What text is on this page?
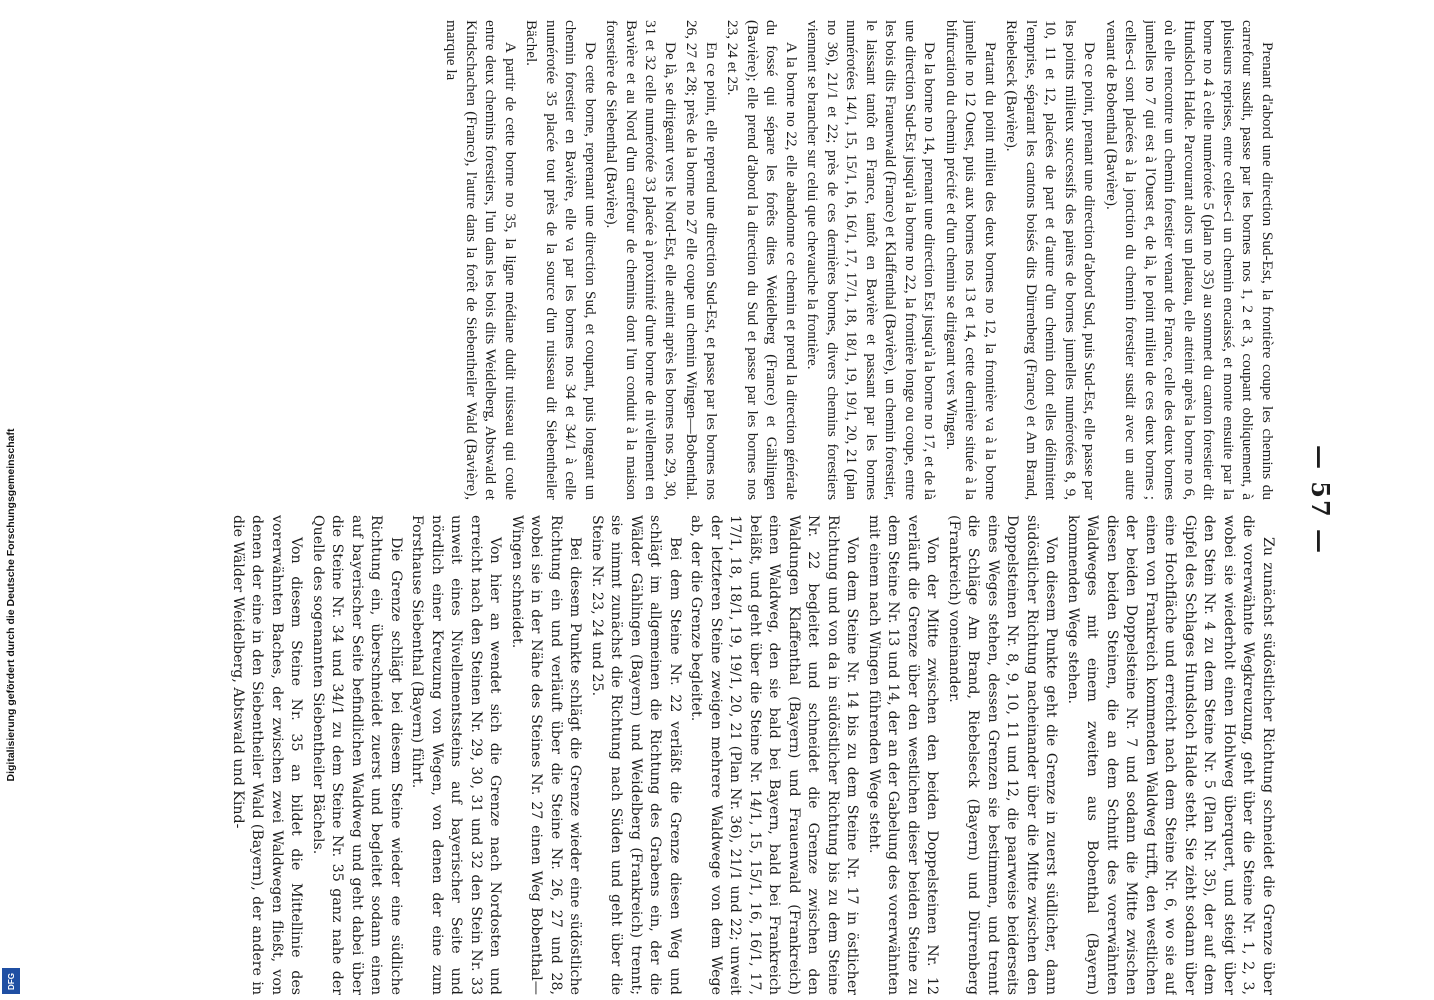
Digitalisierung gefördert durch die Deutsche Forschungsgemeinschaft
DFG
— 57 —

Prenant d'abord une direction Sud-Est, la frontière coupe les chemins du carrefour susdit, passe par les bornes nos 1, 2 et 3, coupant obliquement, à plusieurs reprises, entre celles-ci un chemin encaissé, et monte ensuite par la borne no 4 à celle numérotée 5 (plan no 35) au sommet du canton forestier dit Hundsloch Halde. Parcourant alors un plateau, elle atteint après la borne no 6, où elle rencontre un chemin forestier venant de France, celle des deux bornes jumelles no 7 qui est à l'Ouest et, de là, le point milieu de ces deux bornes ; celles-ci sont placées à la jonction du chemin forestier susdit avec un autre venant de Bobenthal (Bavière).

De ce point, prenant une direction d'abord Sud, puis Sud-Est, elle passe par les points milieux successifs des paires de bornes jumelles numérotées 8, 9, 10, 11 et 12, placées de part et d'autre d'un chemin dont elles délimitent l'emprise, séparant les cantons boisés dits Dürrenberg (France) et Am Brand, Riebelseck (Bavière).

Partant du point milieu des deux bornes no 12, la frontière va à la borne jumelle no 12 Ouest, puis aux bornes nos 13 et 14, cette dernière située à la bifurcation du chemin précité et d'un chemin se dirigeant vers Wingen.

De la borne no 14, prenant une direction Est jusqu'à la borne no 17, et de là une direction Sud-Est jusqu'à la borne no 22, la frontière longe ou coupe, entre les bois dits Frauenwald (France) et Klaffenthal (Bavière), un chemin forestier, le laissant tantôt en France, tantôt en Bavière et passant par les bornes numérotées 14/1, 15, 15/1, 16, 16/1, 17, 17/1, 18, 18/1, 19, 19/1, 20, 21 (plan no 36), 21/1 et 22; près de ces dernières bornes, divers chemins forestiers viennent se brancher sur celui que chevauche la frontière.

A la borne no 22, elle abandonne ce chemin et prend la direction générale du fossé qui sépare les forêts dites Weidelberg (France) et Gählingen (Bavière); elle prend d'abord la direction du Sud et passe par les bornes nos 23, 24 et 25.

En ce point, elle reprend une direction Sud-Est, et passe par les bornes nos 26, 27 et 28; près de la borne no 27 elle coupe un chemin Wingen—Bobenthal.

De là, se dirigeant vers le Nord-Est, elle atteint après les bornes nos 29, 30, 31 et 32 celle numérotée 33 placée à proximité d'une borne de nivellement en Bavière et au Nord d'un carrefour de chemins dont l'un conduit à la maison forestière de Siebenthal (Bavière).

De cette borne, reprenant une direction Sud, et coupant, puis longeant un chemin forestier en Bavière, elle va par les bornes nos 34 et 34/1 à celle numérotée 35 placée tout près de la source d'un ruisseau dit Siebentheiler Bächel.

A partir de cette borne no 35, la ligne médiane dudit ruisseau qui coule entre deux chemins forestiers, l'un dans les bois dits Weidelberg, Abtswald et Kindschachen (France), l'autre dans la forêt de Siebentheiler Wald (Bavière), marque la

Zu zunächst südöstlicher Richtung schneidet die Grenze über die vorerwähnte Wegkreuzung, geht über die Steine Nr. 1, 2, 3, wobei sie wiederholt einen Hohlweg überquert, und steigt über den Stein Nr. 4 zu dem Steine Nr. 5 (Plan Nr. 35), der auf dem Gipfel des Schlages Hundsloch Halde steht. Sie zieht sodann über eine Hochfläche und erreicht nach dem Steine Nr. 6, wo sie auf einen von Frankreich kommenden Waldweg trifft, den westlichen der beiden Doppelsteine Nr. 7 und sodann die Mitte zwischen diesen beiden Steinen, die an dem Schnitt des vorerwähnten Waldweges mit einem zweiten aus Bobenthal (Bayern) kommenden Wege stehen.

Von diesem Punkte geht die Grenze in zuerst südlicher, dann südöstlicher Richtung nacheinander über die Mitte zwischen den Doppelsteinen Nr. 8, 9, 10, 11 und 12, die paarweise beiderseits eines Weges stehen, dessen Grenzen sie bestimmen, und trennt die Schläge Am Brand, Riebelseck (Bayern) und Dürrenberg (Frankreich) voneinander.

Von der Mitte zwischen den beiden Doppelsteinen Nr. 12 verläuft die Grenze über den westlichen dieser beiden Steine zu dem Steine Nr. 13 und 14, der an der Gabelung des vorerwähnten mit einem nach Wingen führenden Wege steht.

Von dem Steine Nr. 14 bis zu dem Steine Nr. 17 in östlicher Richtung und von da in südöstlicher Richtung bis zu dem Steine Nr. 22 begleitet und schneidet die Grenze zwischen den Waldungen Klaffenthal (Bayern) und Frauenwald (Frankreich) einen Waldweg, den sie bald bei Bayern, bald bei Frankreich beläßt, und geht über die Steine Nr. 14/1, 15, 15/1, 16, 16/1, 17, 17/1, 18, 18/1, 19, 19/1, 20, 21 (Plan Nr. 36), 21/1 und 22; unweit der letzteren Steine zweigen mehrere Waldwege von dem Wege ab, der die Grenze begleitet.

Bei dem Steine Nr. 22 verläßt die Grenze diesen Weg und schlägt im allgemeinen die Richtung des Grabens ein, der die Wälder Gählingen (Bayern) und Weidelberg (Frankreich) trennt; sie nimmt zunächst die Richtung nach Süden und geht über die Steine Nr. 23, 24 und 25.

Bei diesem Punkte schlägt die Grenze wieder eine südöstliche Richtung ein und verläuft über die Steine Nr. 26, 27 und 28, wobei sie in der Nähe des Steines Nr. 27 einen Weg Bobenthal—Wingen schneidet.

Von hier an wendet sich die Grenze nach Nordosten und erreicht nach den Steinen Nr. 29, 30, 31 und 32 den Stein Nr. 33 unweit eines Nivellementssteins auf bayerischer Seite und nördlich einer Kreuzung von Wegen, von denen der eine zum Forsthause Siebenthal (Bayern) führt.

Die Grenze schlägt bei diesem Steine wieder eine südliche Richtung ein, überschneidet zuerst und begleitet sodann einen auf bayerischer Seite befindlichen Waldweg und geht dabei über die Steine Nr. 34 und 34/1 zu dem Steine Nr. 35 ganz nahe der Quelle des sogenannten Siebentheiler Bächels.

Von diesem Steine Nr. 35 an bildet die Mittellinie des vorerwähnten Baches, der zwischen zwei Waldwegen fließt, von denen der eine in den Siebentheiler Wald (Bayern), der andere in die Wälder Weidelberg, Abtswald und Kind-
